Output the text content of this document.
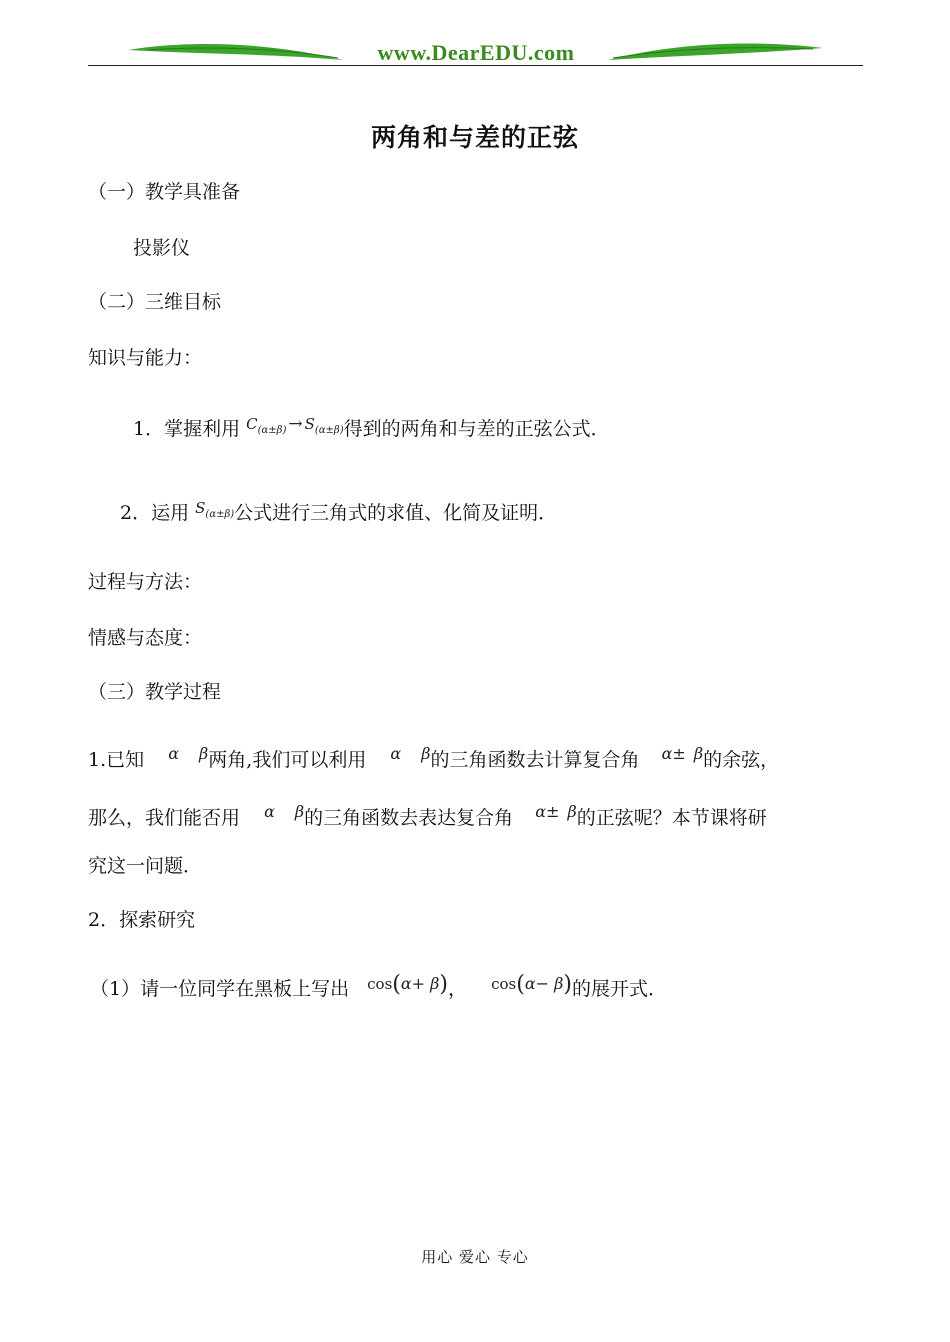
www.DearEDU.com
两角和与差的正弦
（一）教学具准备
投影仪
（二）三维目标
知识与能力：
1．掌握利用 $C_{(\alpha\pm\beta)} \to S_{(\alpha\pm\beta)}$得到的两角和与差的正弦公式．
2．运用 $S_{(\alpha\pm\beta)}$公式进行三角式的求值、化简及证明．
过程与方法：
情感与态度：
（三）教学过程
1.已知 α β两角,我们可以利用 α β的三角函数去计算复合角 α± β的余弦，
那么，我们能否用 α β的三角函数去表达复合角 α± β的正弦呢？本节课将研
究这一问题．
2．探索研究
（1）请一位同学在黑板上写出 cos(α+ β)， cos(α− β)的展开式．
用心 爱心 专心
